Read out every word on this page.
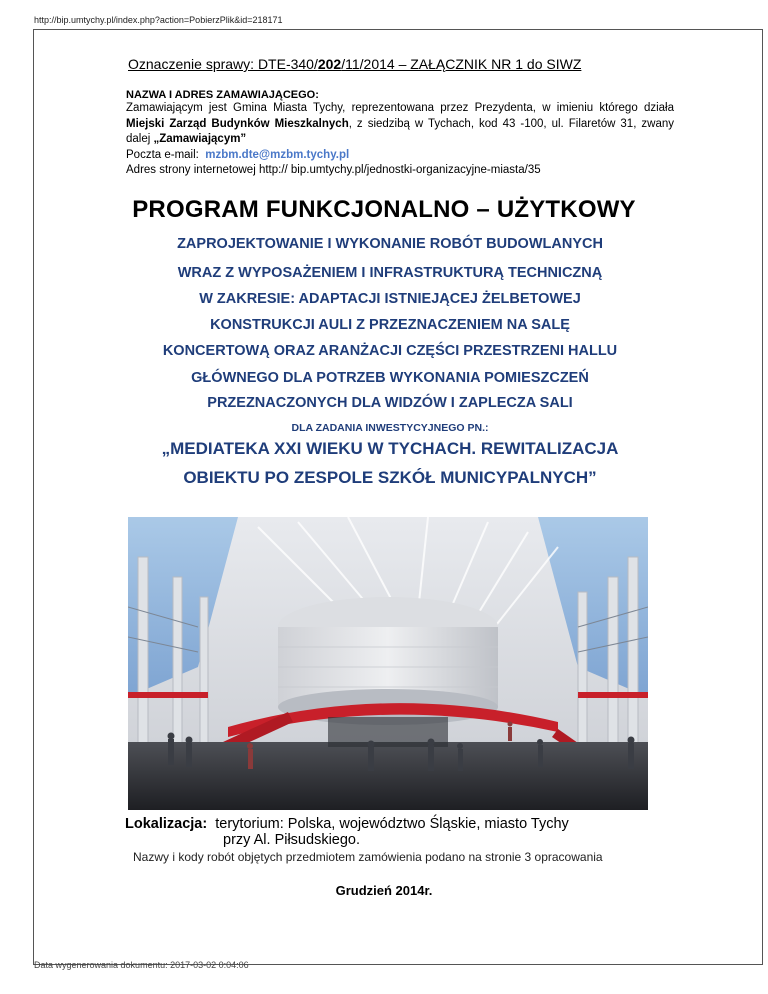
http://bip.umtychy.pl/index.php?action=PobierzPlik&id=218171
Oznaczenie sprawy: DTE-340/202/11/2014 – ZAŁĄCZNIK NR 1 do SIWZ
NAZWA I ADRES ZAMAWIAJĄCEGO:

Zamawiającym jest Gmina Miasta Tychy, reprezentowana przez Prezydenta, w imieniu którego działa Miejski Zarząd Budynków Mieszkalnych, z siedzibą w Tychach, kod 43 -100, ul. Filaretów 31, zwany dalej „Zamawiającym”

Poczta e-mail: mzbm.dte@mzbm.tychy.pl

Adres strony internetowej http:// bip.umtychy.pl/jednostki-organizacyjne-miasta/35

PROGRAM FUNKCJONALNO – UŻYTKOWY
ZAPROJEKTOWANIE I WYKONANIE ROBÓT BUDOWLANYCH
WRAZ Z WYPOSAŻENIEM I INFRASTRUKTURĄ TECHNICZNĄ
W ZAKRESIE: ADAPTACJI ISTNIEJĄCEJ ŻELBETOWEJ
KONSTRUKCJI AULI Z PRZEZNACZENIEM NA SALĘ
KONCERTOWĄ ORAZ ARANŻACJI CZĘŚCI PRZESTRZENI HALLU
GŁÓWNEGO DLA POTRZEB WYKONANIA POMIESZCZEŃ
PRZEZNACZONYCH DLA WIDZÓW I ZAPLECZA SALI
DLA ZADANIA INWESTYCYJNEGO PN.:
„MEDIATEKA XXI WIEKU W TYCHACH. REWITALIZACJA
OBIEKTU PO ZESPOLE SZKÓŁ MUNICYPALNYCH”
Lokalizacja: terytorium: Polska, województwo Śląskie, miasto Tychy
przy Al. Piłsudskiego.
Nazwy i kody robót objętych przedmiotem zamówienia podano na stronie 3 opracowania
Grudzień 2014r.
Data wygenerowania dokumentu: 2017-03-02 0:04:06
